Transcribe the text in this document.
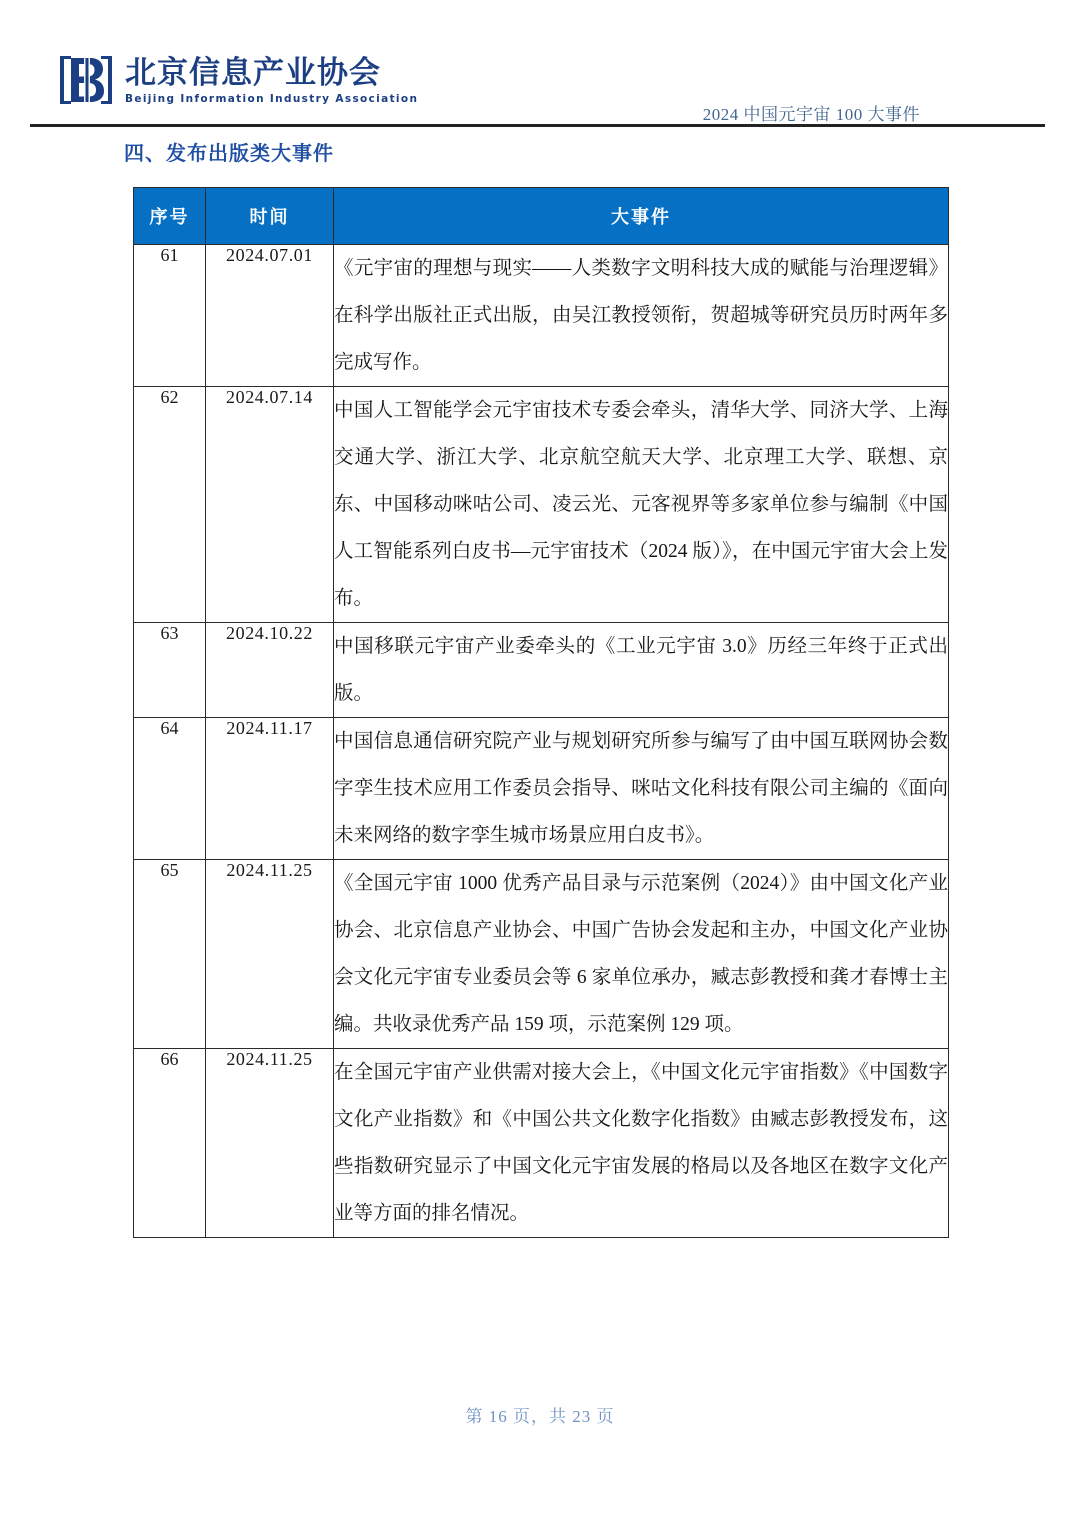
北京信息产业协会
Beijing Information Industry Association
2024 中国元宇宙 100 大事件
四、发布出版类大事件
序号	时间	大事件
61	2024.07.01	《元宇宙的理想与现实——人类数字文明科技大成的赋能与治理逻辑》在科学出版社正式出版，由吴江教授领衔，贺超城等研究员历时两年多完成写作。
62	2024.07.14	中国人工智能学会元宇宙技术专委会牵头，清华大学、同济大学、上海交通大学、浙江大学、北京航空航天大学、北京理工大学、联想、京东、中国移动咪咕公司、凌云光、元客视界等多家单位参与编制《中国人工智能系列白皮书—元宇宙技术（2024 版）》，在中国元宇宙大会上发布。
63	2024.10.22	中国移联元宇宙产业委牵头的《工业元宇宙 3.0》历经三年终于正式出版。
64	2024.11.17	中国信息通信研究院产业与规划研究所参与编写了由中国互联网协会数字孪生技术应用工作委员会指导、咪咕文化科技有限公司主编的《面向未来网络的数字孪生城市场景应用白皮书》。
65	2024.11.25	《全国元宇宙 1000 优秀产品目录与示范案例（2024）》由中国文化产业协会、北京信息产业协会、中国广告协会发起和主办，中国文化产业协会文化元宇宙专业委员会等 6 家单位承办，臧志彭教授和龚才春博士主编。共收录优秀产品 159 项，示范案例 129 项。
66	2024.11.25	在全国元宇宙产业供需对接大会上，《中国文化元宇宙指数》《中国数字文化产业指数》和《中国公共文化数字化指数》由臧志彭教授发布，这些指数研究显示了中国文化元宇宙发展的格局以及各地区在数字文化产业等方面的排名情况。
第 16 页，共 23 页
